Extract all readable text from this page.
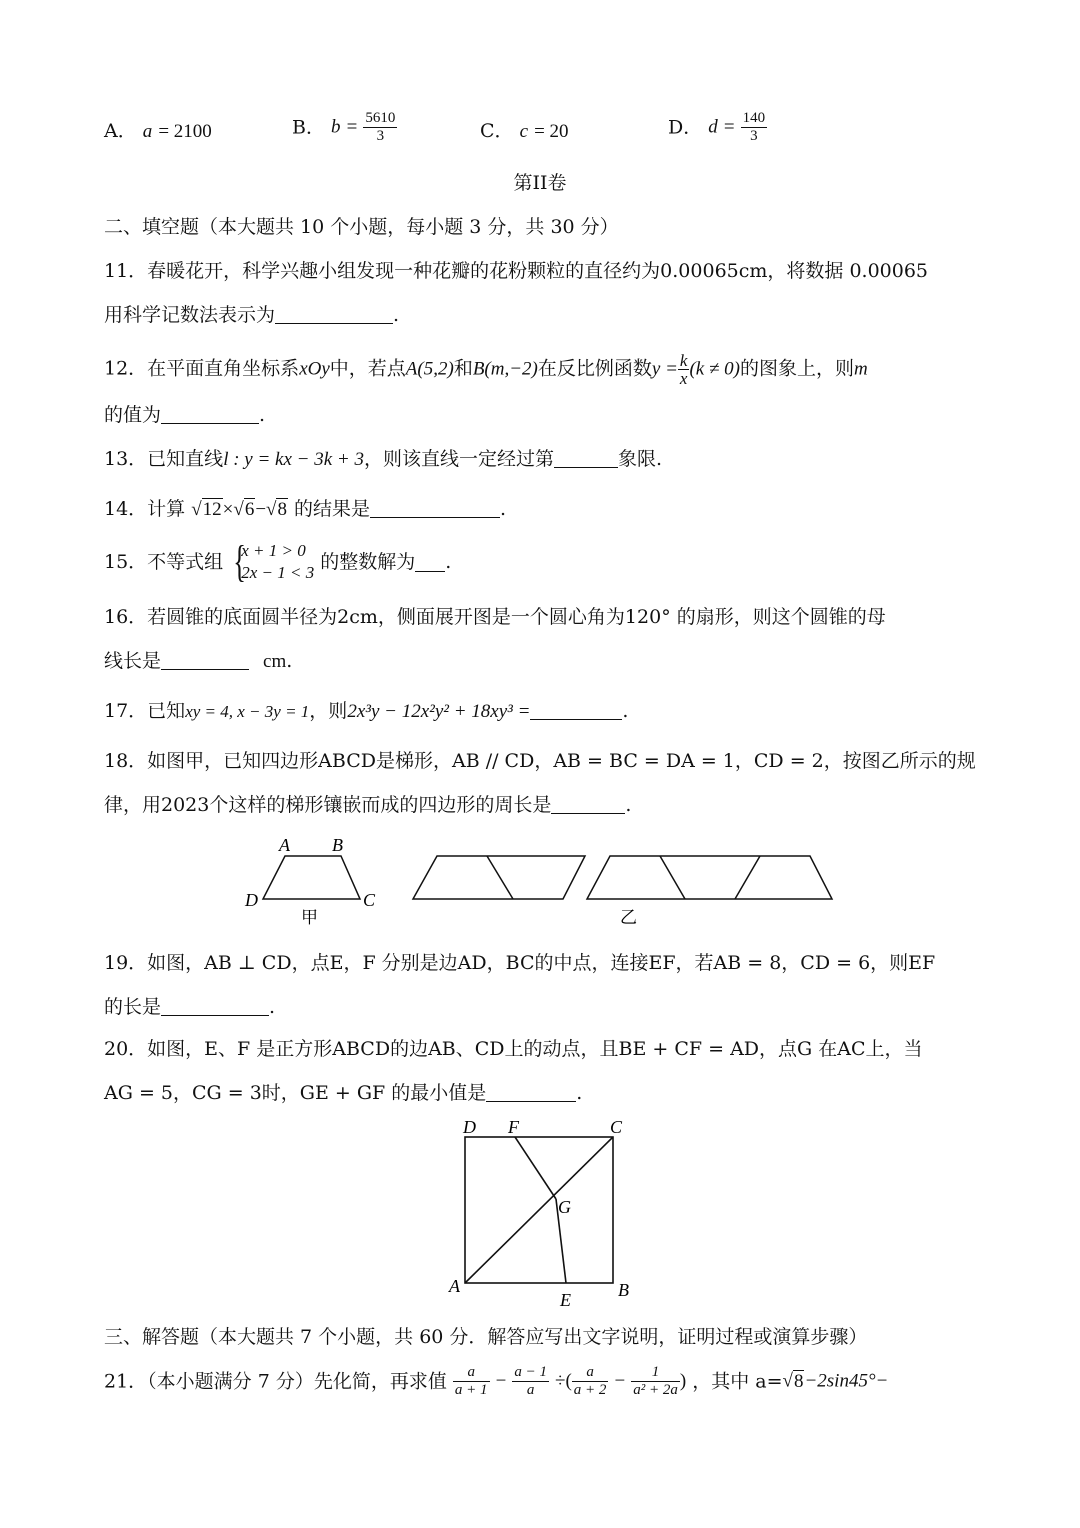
A． a = 2100	B． $b = \frac{5610}{3}$	C． c = 20	D． $d = \frac{140}{3}$
第II卷
二、填空题（本大题共 10 个小题，每小题 3 分，共 30 分）
11．春暖花开，科学兴趣小组发现一种花瓣的花粉颗粒的直径约为0.00065cm，将数据 0.00065
用科学记数法表示为	.
12．在平面直角坐标系xOy中，若点A(5,2)和B(m,−2)在反比例函数$y = \frac{k}{x} (k \ne 0)$的图象上，则m
的值为	.
13．已知直线l : y = kx − 3k + 3，则该直线一定经过第	象限.
14．计算 √12×√6−√8 的结果是	.
15．不等式组 {
x + 1 > 0
2x − 1 < 3 的整数解为 .
16．若圆锥的底面圆半径为2cm，侧面展开图是一个圆心角为120° 的扇形，则这个圆锥的母
线长是	cm.
17．已知xy = 4, x − 3y = 1，则2x³y − 12x²y² + 18xy³ =	.
18．如图甲，已知四边形ABCD是梯形，AB // CD，AB = BC = DA = 1，CD = 2，按图乙所示的规
律，用2023个这样的梯形镶嵌而成的四边形的周长是	.
A B
D	C
甲	乙
19．如图，AB ⊥ CD，点E，F 分别是边AD，BC的中点，连接EF，若AB = 8，CD = 6，则EF
的长是	.
20．如图，E、F 是正方形ABCD的边AB、CD上的动点，且BE + CF = AD，点G 在AC上，当
AG = 5，CG = 3时，GE + GF 的最小值是	.
D F	C
G
A
E	B
三、解答题（本大题共 7 个小题，共 60 分．解答应写出文字说明，证明过程或演算步骤）
21．（本小题满分 7 分）先化简，再求值 $\frac{a}{a + 1} - \frac{a - 1}{a}$ ÷( $\frac{a}{a + 2} - \frac{1}{\text{a² + 2a}}$ ) ，其中 a=√8−2sin45°−
